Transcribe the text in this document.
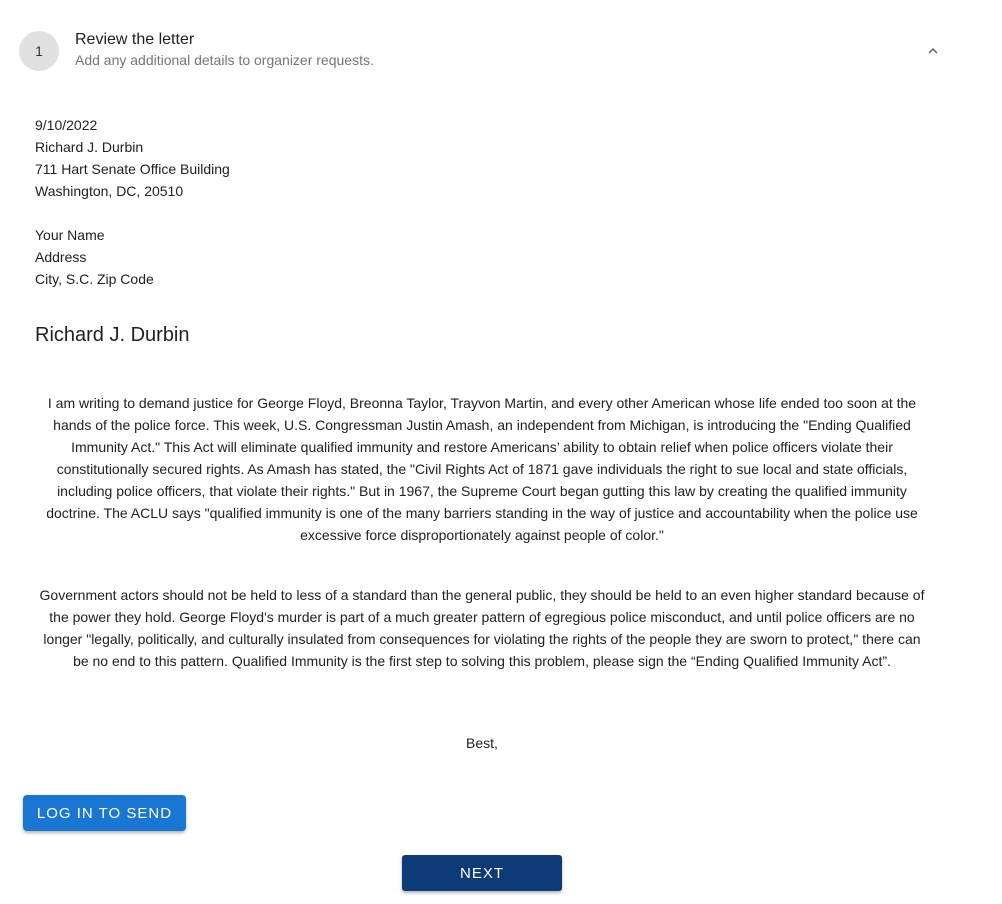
1
Review the letter
Add any additional details to organizer requests.
9/10/2022
Richard J. Durbin
711 Hart Senate Office Building
Washington, DC, 20510
Your Name
Address
City, S.C. Zip Code
Richard J. Durbin

I am writing to demand justice for George Floyd, Breonna Taylor, Trayvon Martin, and every other American whose life ended too soon at the hands of the police force. This week, U.S. Congressman Justin Amash, an independent from Michigan, is introducing the "Ending Qualified Immunity Act." This Act will eliminate qualified immunity and restore Americans’ ability to obtain relief when police officers violate their constitutionally secured rights. As Amash has stated, the "Civil Rights Act of 1871 gave individuals the right to sue local and state officials, including police officers, that violate their rights." But in 1967, the Supreme Court began gutting this law by creating the qualified immunity doctrine. The ACLU says "qualified immunity is one of the many barriers standing in the way of justice and accountability when the police use excessive force disproportionately against people of color."

Government actors should not be held to less of a standard than the general public, they should be held to an even higher standard because of the power they hold. George Floyd's murder is part of a much greater pattern of egregious police misconduct, and until police officers are no longer "legally, politically, and culturally insulated from consequences for violating the rights of the people they are sworn to protect," there can be no end to this pattern. Qualified Immunity is the first step to solving this problem, please sign the “Ending Qualified Immunity Act”.

Best,
LOG IN TO SEND
NEXT
